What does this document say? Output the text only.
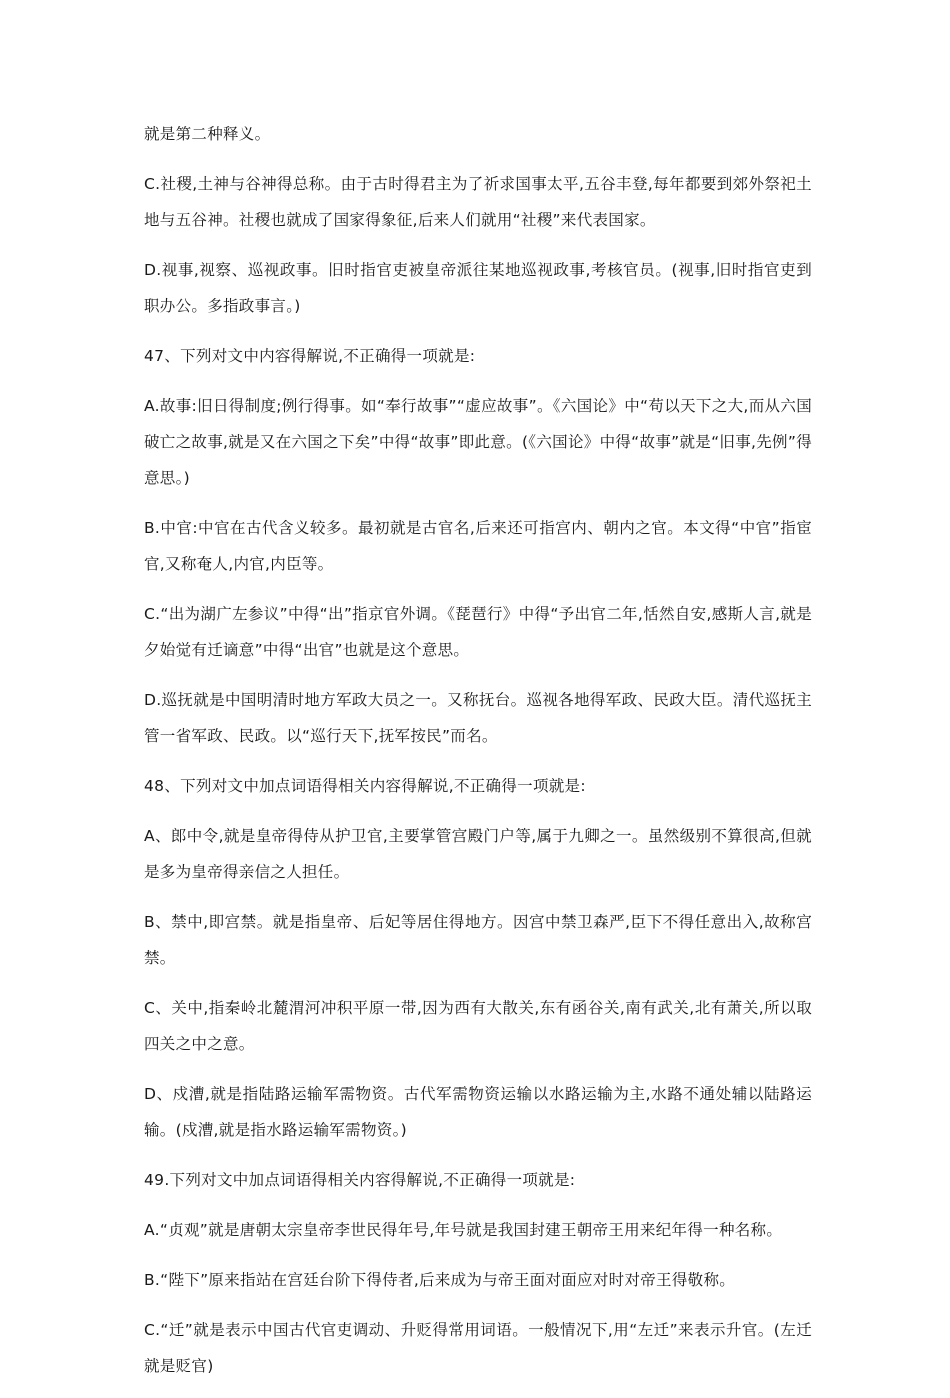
就是第二种释义。

C.社稷,土神与谷神得总称。由于古时得君主为了祈求国事太平,五谷丰登,每年都要到郊外祭祀土地与五谷神。社稷也就成了国家得象征,后来人们就用“社稷”来代表国家。

D.视事,视察、巡视政事。旧时指官吏被皇帝派往某地巡视政事,考核官员。(视事,旧时指官吏到职办公。多指政事言。)

47、下列对文中内容得解说,不正确得一项就是:

A.故事:旧日得制度;例行得事。如“奉行故事”“虚应故事”。《六国论》中“苟以天下之大,而从六国破亡之故事,就是又在六国之下矣”中得“故事”即此意。(《六国论》中得“故事”就是“旧事,先例”得意思。)

B.中官:中官在古代含义较多。最初就是古官名,后来还可指宫内、朝内之官。本文得“中官”指宦官,又称奄人,内官,内臣等。

C.“出为湖广左参议”中得“出”指京官外调。《琵琶行》中得“予出官二年,恬然自安,感斯人言,就是夕始觉有迁谪意”中得“出官”也就是这个意思。

D.巡抚就是中国明清时地方军政大员之一。又称抚台。巡视各地得军政、民政大臣。清代巡抚主管一省军政、民政。以“巡行天下,抚军按民”而名。

48、下列对文中加点词语得相关内容得解说,不正确得一项就是:

A、郎中令,就是皇帝得侍从护卫官,主要掌管宫殿门户等,属于九卿之一。虽然级别不算很高,但就是多为皇帝得亲信之人担任。

B、禁中,即宫禁。就是指皇帝、后妃等居住得地方。因宫中禁卫森严,臣下不得任意出入,故称宫禁。

C、关中,指秦岭北麓渭河冲积平原一带,因为西有大散关,东有函谷关,南有武关,北有萧关,所以取四关之中之意。

D、戍漕,就是指陆路运输军需物资。古代军需物资运输以水路运输为主,水路不通处辅以陆路运输。(戍漕,就是指水路运输军需物资。)

49.下列对文中加点词语得相关内容得解说,不正确得一项就是:

A.“贞观”就是唐朝太宗皇帝李世民得年号,年号就是我国封建王朝帝王用来纪年得一种名称。

B.“陛下”原来指站在宫廷台阶下得侍者,后来成为与帝王面对面应对时对帝王得敬称。

C.“迁”就是表示中国古代官吏调动、升贬得常用词语。一般情况下,用“左迁”来表示升官。(左迁就是贬官)
